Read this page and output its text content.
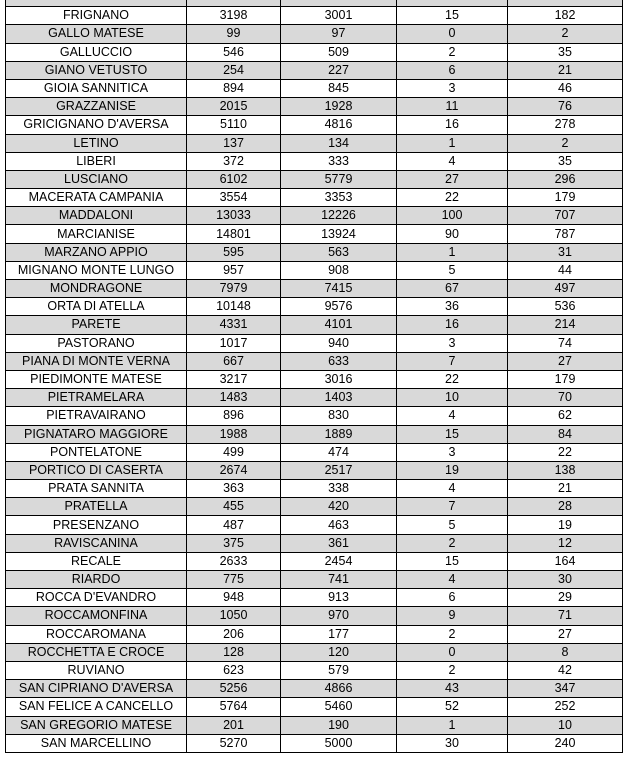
FRIGNANO	3198	3001	15	182
GALLO MATESE	99	97	0	2
GALLUCCIO	546	509	2	35
GIANO VETUSTO	254	227	6	21
GIOIA SANNITICA	894	845	3	46
GRAZZANISE	2015	1928	11	76
GRICIGNANO D'AVERSA	5110	4816	16	278
LETINO	137	134	1	2
LIBERI	372	333	4	35
LUSCIANO	6102	5779	27	296
MACERATA CAMPANIA	3554	3353	22	179
MADDALONI	13033	12226	100	707
MARCIANISE	14801	13924	90	787
MARZANO APPIO	595	563	1	31
MIGNANO MONTE LUNGO	957	908	5	44
MONDRAGONE	7979	7415	67	497
ORTA DI ATELLA	10148	9576	36	536
PARETE	4331	4101	16	214
PASTORANO	1017	940	3	74
PIANA DI MONTE VERNA	667	633	7	27
PIEDIMONTE MATESE	3217	3016	22	179
PIETRAMELARA	1483	1403	10	70
PIETRAVAIRANO	896	830	4	62
PIGNATARO MAGGIORE	1988	1889	15	84
PONTELATONE	499	474	3	22
PORTICO DI CASERTA	2674	2517	19	138
PRATA SANNITA	363	338	4	21
PRATELLA	455	420	7	28
PRESENZANO	487	463	5	19
RAVISCANINA	375	361	2	12
RECALE	2633	2454	15	164
RIARDO	775	741	4	30
ROCCA D'EVANDRO	948	913	6	29
ROCCAMONFINA	1050	970	9	71
ROCCAROMANA	206	177	2	27
ROCCHETTA E CROCE	128	120	0	8
RUVIANO	623	579	2	42
SAN CIPRIANO D'AVERSA	5256	4866	43	347
SAN FELICE A CANCELLO	5764	5460	52	252
SAN GREGORIO MATESE	201	190	1	10
SAN MARCELLINO	5270	5000	30	240
